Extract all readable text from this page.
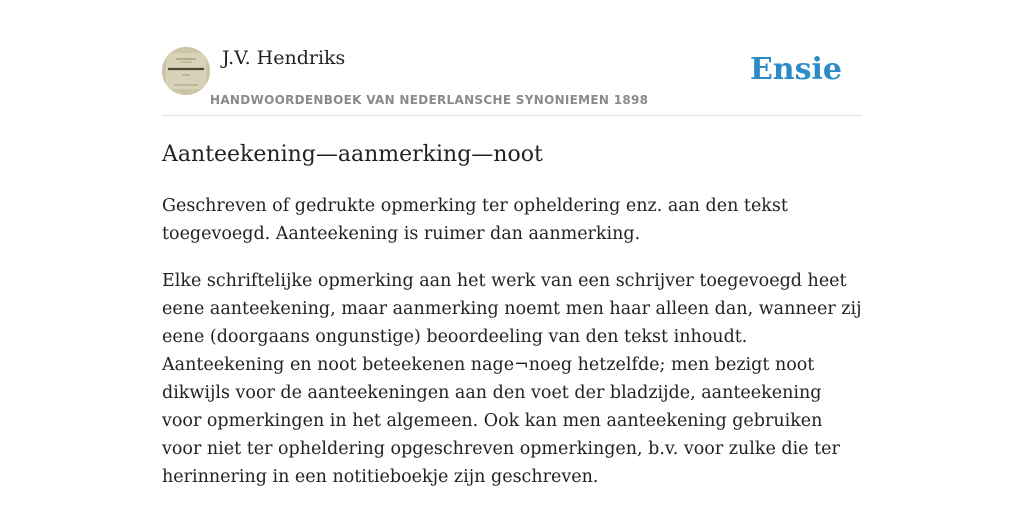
J.V. Hendriks
HANDWOORDENBOEK VAN NEDERLANSCHE SYNONIEMEN 1898
Ensie
Aanteekening—aanmerking—noot

Geschreven of gedrukte opmerking ter opheldering enz. aan den tekst toegevoegd. Aanteekening is ruimer dan aanmerking.

Elke schriftelijke opmerking aan het werk van een schrijver toegevoegd heet eene aanteekening, maar aanmerking noemt men haar alleen dan, wanneer zij eene (doorgaans ongunstige) beoordeeling van den tekst inhoudt. Aanteekening en noot beteekenen nage¬noeg hetzelfde; men bezigt noot dikwijls voor de aanteekeningen aan den voet der bladzijde, aanteekening voor opmerkingen in het algemeen. Ook kan men aanteekening gebruiken voor niet ter opheldering opgeschreven opmerkingen, b.v. voor zulke die ter herinnering in een notitieboekje zijn geschreven.
